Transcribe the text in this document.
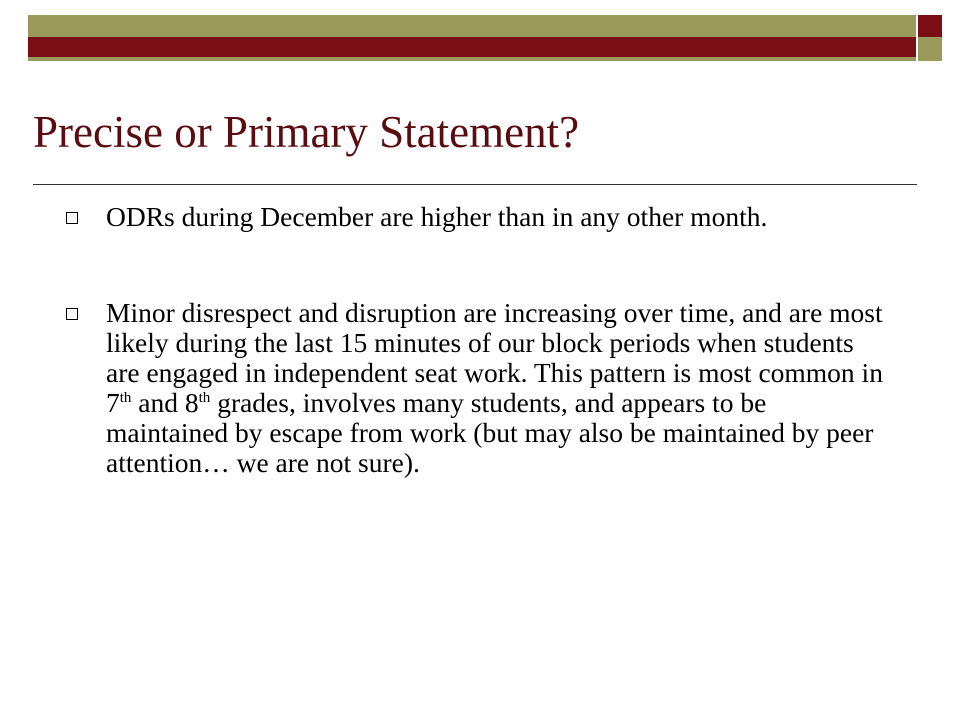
Precise or Primary Statement?
ODRs during December are higher than in any other month.
Minor disrespect and disruption are increasing over time, and are most likely during the last 15 minutes of our block periods when students are engaged in independent seat work. This pattern is most common in 7th and 8th grades, involves many students, and appears to be maintained by escape from work (but may also be maintained by peer attention… we are not sure).
